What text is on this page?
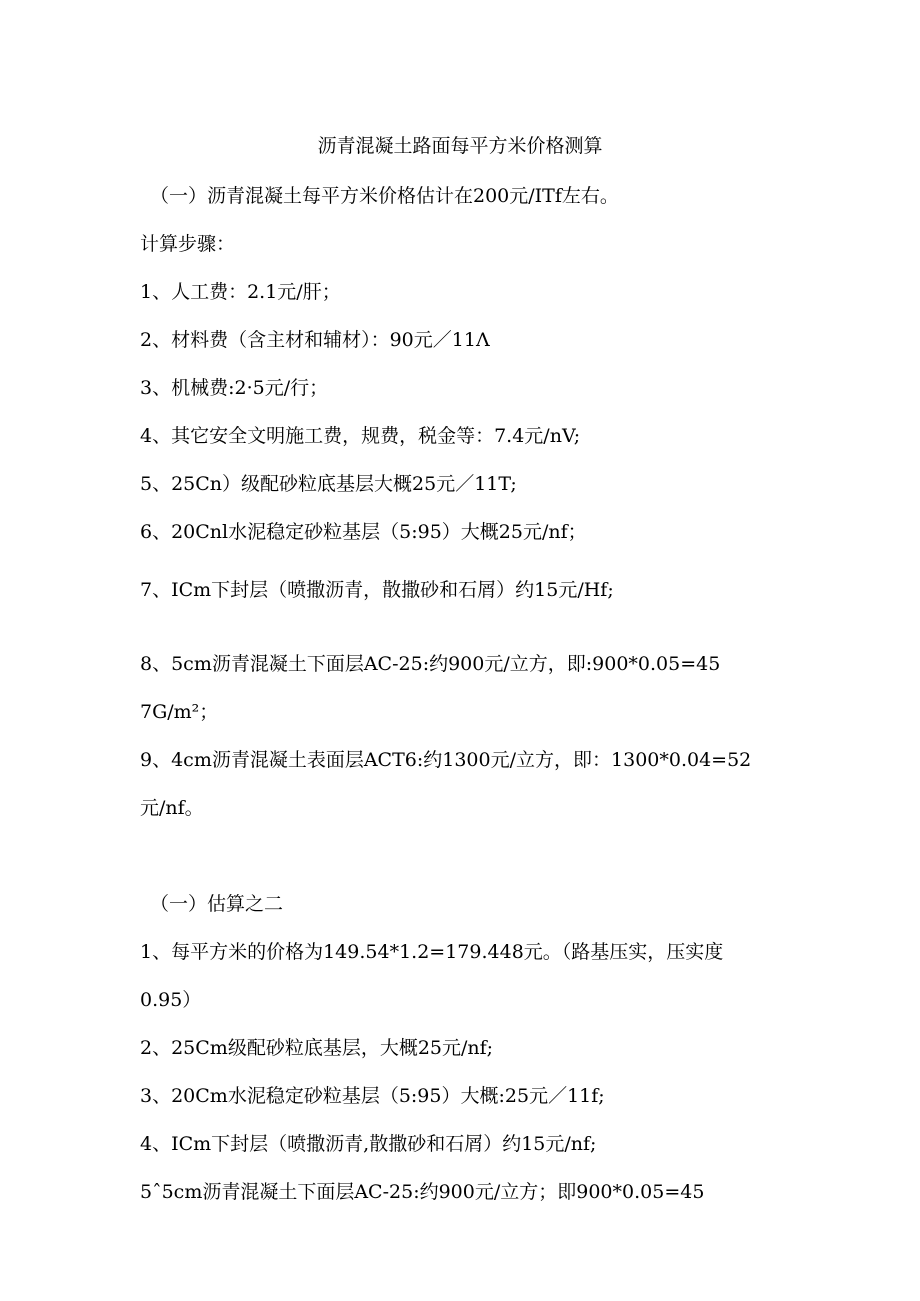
沥青混凝土路面每平方米价格测算

（一）沥青混凝土每平方米价格估计在200元/ITf左右。

计算步骤：

1、人工费：2.1元/肝；

2、材料费（含主材和辅材）：90元／11Λ

3、机械费:2·5元/行；

4、其它安全文明施工费，规费，税金等：7.4元/nV;

5、25Cn）级配砂粒底基层大概25元／11T;

6、20Cnl水泥稳定砂粒基层（5:95）大概25元/nf；

7、ICm下封层（喷撒沥青，散撒砂和石屑）约15元/Hf;

8、5cm沥青混凝土下面层AC-25:约900元/立方，即:900*0.05=45

7G/m²；

9、4cm沥青混凝土表面层ACT6:约1300元/立方，即：1300*0.04=52

元/nf。

（一）估算之二

1、每平方米的价格为149.54*1.2=179.448元。（路基压实，压实度

0.95）

2、25Cm级配砂粒底基层，大概25元/nf;

3、20Cm水泥稳定砂粒基层（5:95）大概:25元／11f;

4、ICm下封层（喷撒沥青,散撒砂和石屑）约15元/nf;

5ˆ5cm沥青混凝土下面层AC-25:约900元/立方；即900*0.05=45
